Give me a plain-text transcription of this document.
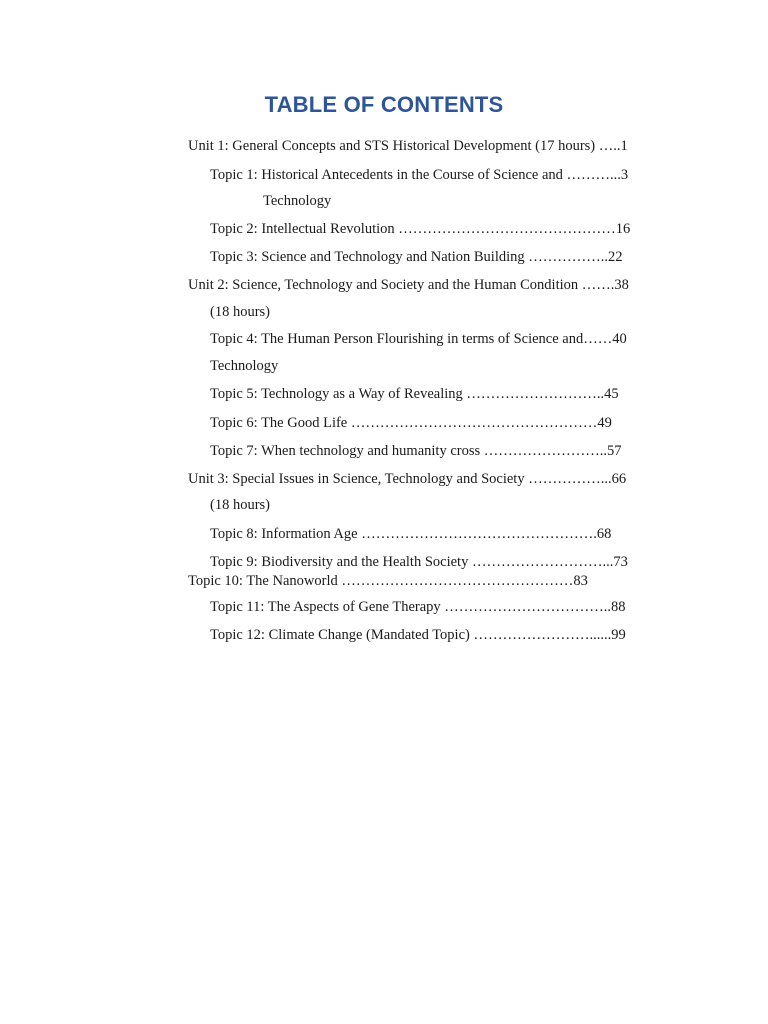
TABLE OF CONTENTS
Unit 1: General Concepts and STS Historical Development (17 hours) …..1
Topic 1: Historical Antecedents in the Course of Science and ………...3
Technology
Topic 2: Intellectual Revolution ………………………………………16
Topic 3: Science and Technology and Nation Building ……………..22
Unit 2: Science, Technology and Society and the Human Condition …….38
(18 hours)
Topic 4: The Human Person Flourishing in terms of Science and……40
Technology
Topic 5: Technology as a Way of Revealing ………………………..45
Topic 6: The Good Life ……………………………………………49
Topic 7: When technology and humanity cross ……………………..57
Unit 3: Special Issues in Science, Technology and Society ……………...66
(18 hours)
Topic 8: Information Age ………………………………………….68
Topic 9: Biodiversity and the Health Society ………………………...73
Topic 10: The Nanoworld …………………………………………83
Topic 11: The Aspects of Gene Therapy ……………………………..88
Topic 12: Climate Change (Mandated Topic) ……………………......99
